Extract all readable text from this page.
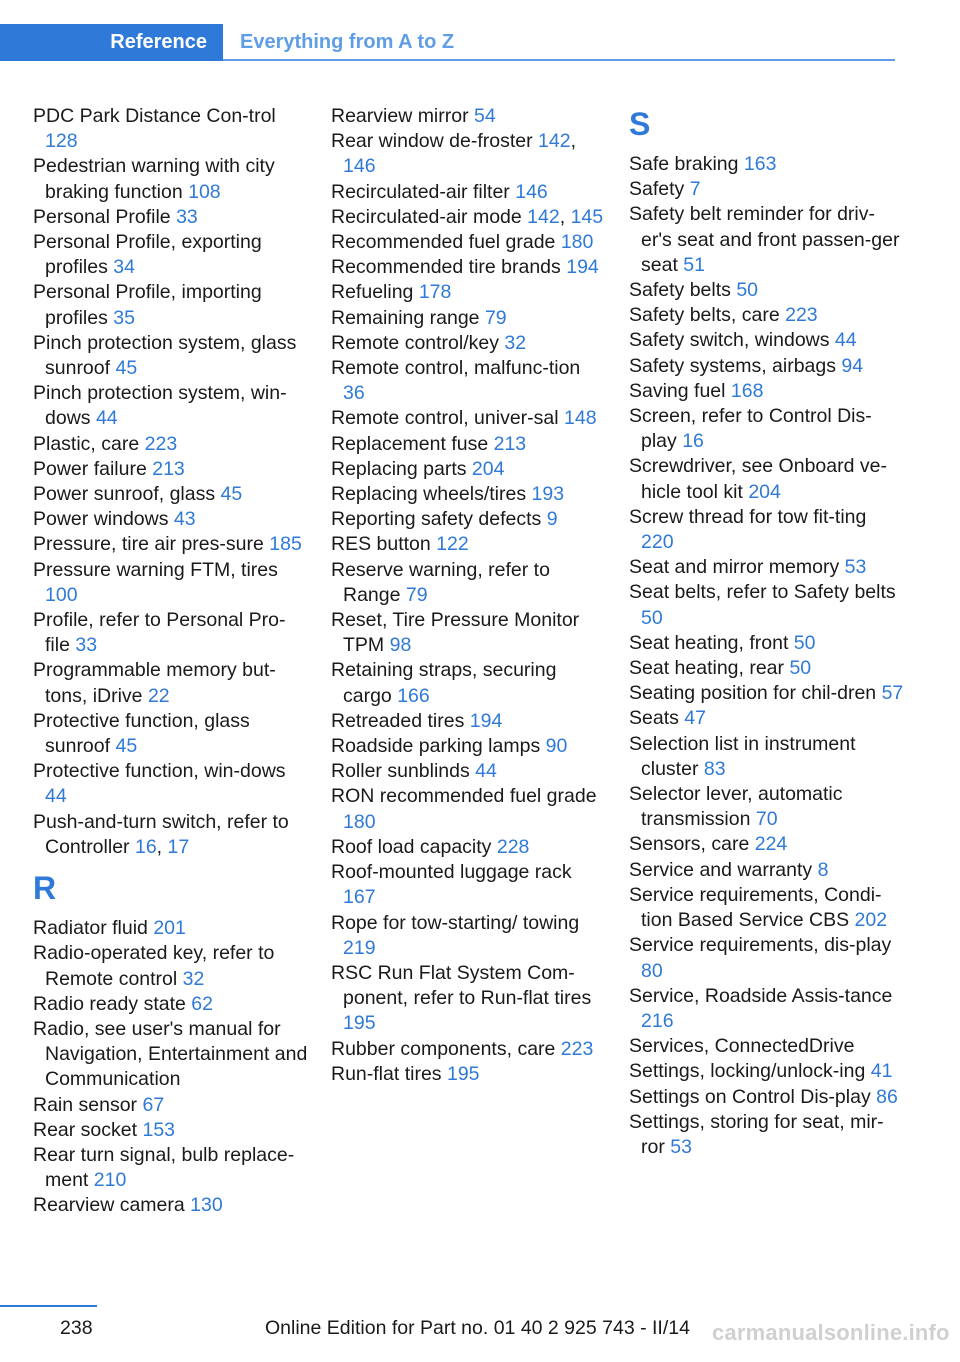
Reference	Everything from A to Z

PDC Park Distance Con-trol 128

Pedestrian warning with city braking function 108

Personal Profile 33

Personal Profile, exporting profiles 34

Personal Profile, importing profiles 35

Pinch protection system, glass sunroof 45

Pinch protection system, win-dows 44

Plastic, care 223

Power failure 213

Power sunroof, glass 45

Power windows 43

Pressure, tire air pres-sure 185

Pressure warning FTM, tires 100

Profile, refer to Personal Pro-file 33

Programmable memory but-tons, iDrive 22

Protective function, glass sunroof 45

Protective function, win-dows 44

Push-and-turn switch, refer to Controller 16, 17

R

Radiator fluid 201

Radio-operated key, refer to Remote control 32

Radio ready state 62

Radio, see user's manual for Navigation, Entertainment and Communication

Rain sensor 67

Rear socket 153

Rear turn signal, bulb replace-ment 210

Rearview camera 130

Rearview mirror 54

Rear window de-froster 142, 146

Recirculated-air filter 146

Recirculated-air mode 142, 145

Recommended fuel grade 180

Recommended tire brands 194

Refueling 178

Remaining range 79

Remote control/key 32

Remote control, malfunc-tion 36

Remote control, univer-sal 148

Replacement fuse 213

Replacing parts 204

Replacing wheels/tires 193

Reporting safety defects 9

RES button 122

Reserve warning, refer to Range 79

Reset, Tire Pressure Monitor TPM 98

Retaining straps, securing cargo 166

Retreaded tires 194

Roadside parking lamps 90

Roller sunblinds 44

RON recommended fuel grade 180

Roof load capacity 228

Roof-mounted luggage rack 167

Rope for tow-starting/ towing 219

RSC Run Flat System Com-ponent, refer to Run-flat tires 195

Rubber components, care 223

Run-flat tires 195

S

Safe braking 163

Safety 7

Safety belt reminder for driv-er's seat and front passen-ger seat 51

Safety belts 50

Safety belts, care 223

Safety switch, windows 44

Safety systems, airbags 94

Saving fuel 168

Screen, refer to Control Dis-play 16

Screwdriver, see Onboard ve-hicle tool kit 204

Screw thread for tow fit-ting 220

Seat and mirror memory 53

Seat belts, refer to Safety belts 50

Seat heating, front 50

Seat heating, rear 50

Seating position for chil-dren 57

Seats 47

Selection list in instrument cluster 83

Selector lever, automatic transmission 70

Sensors, care 224

Service and warranty 8

Service requirements, Condi-tion Based Service CBS 202

Service requirements, dis-play 80

Service, Roadside Assis-tance 216

Services, ConnectedDrive

Settings, locking/unlock-ing 41

Settings on Control Dis-play 86

Settings, storing for seat, mir-ror 53

238	Online Edition for Part no. 01 40 2 925 743 - II/14 carmanualsonline.info
